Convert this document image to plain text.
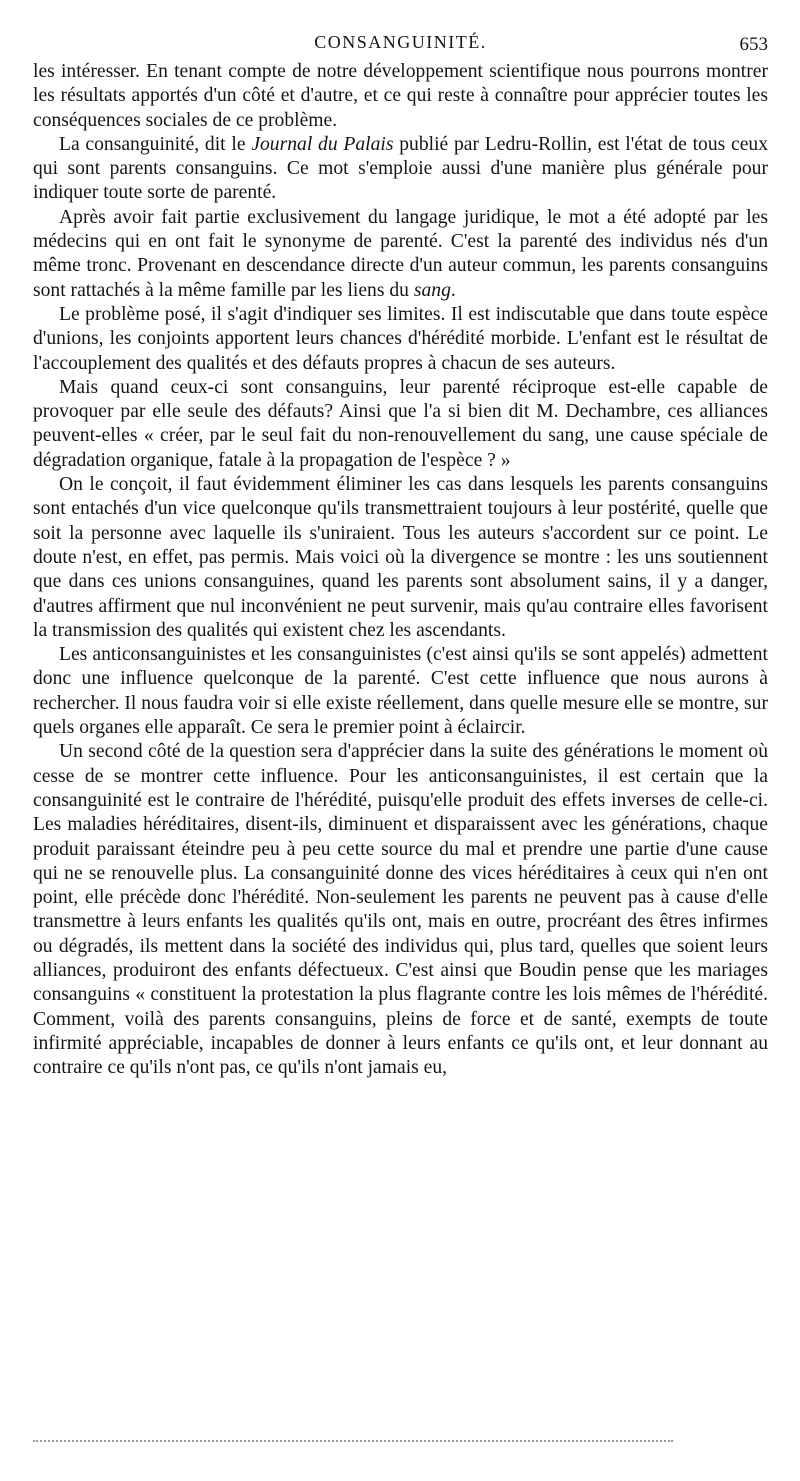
CONSANGUINITÉ.	653

les intéresser. En tenant compte de notre développement scientifique nous pourrons montrer les résultats apportés d'un côté et d'autre, et ce qui reste à connaître pour apprécier toutes les conséquences sociales de ce problème.

La consanguinité, dit le Journal du Palais publié par Ledru-Rollin, est l'état de tous ceux qui sont parents consanguins. Ce mot s'emploie aussi d'une manière plus générale pour indiquer toute sorte de parenté.

Après avoir fait partie exclusivement du langage juridique, le mot a été adopté par les médecins qui en ont fait le synonyme de parenté. C'est la parenté des individus nés d'un même tronc. Provenant en descendance directe d'un auteur commun, les parents consanguins sont rattachés à la même famille par les liens du sang.

Le problème posé, il s'agit d'indiquer ses limites. Il est indiscutable que dans toute espèce d'unions, les conjoints apportent leurs chances d'hérédité morbide. L'enfant est le résultat de l'accouplement des qualités et des défauts propres à chacun de ses auteurs.

Mais quand ceux-ci sont consanguins, leur parenté réciproque est-elle capable de provoquer par elle seule des défauts? Ainsi que l'a si bien dit M. Dechambre, ces alliances peuvent-elles « créer, par le seul fait du non-renouvellement du sang, une cause spéciale de dégradation organique, fatale à la propagation de l'espèce ? »

On le conçoit, il faut évidemment éliminer les cas dans lesquels les parents consanguins sont entachés d'un vice quelconque qu'ils transmettraient toujours à leur postérité, quelle que soit la personne avec laquelle ils s'uniraient. Tous les auteurs s'accordent sur ce point. Le doute n'est, en effet, pas permis. Mais voici où la divergence se montre : les uns soutiennent que dans ces unions consanguines, quand les parents sont absolument sains, il y a danger, d'autres affirment que nul inconvénient ne peut survenir, mais qu'au contraire elles favorisent la transmission des qualités qui existent chez les ascendants.

Les anticonsanguinistes et les consanguinistes (c'est ainsi qu'ils se sont appelés) admettent donc une influence quelconque de la parenté. C'est cette influence que nous aurons à rechercher. Il nous faudra voir si elle existe réellement, dans quelle mesure elle se montre, sur quels organes elle apparaît. Ce sera le premier point à éclaircir.

Un second côté de la question sera d'apprécier dans la suite des générations le moment où cesse de se montrer cette influence. Pour les anticonsanguinistes, il est certain que la consanguinité est le contraire de l'hérédité, puisqu'elle produit des effets inverses de celle-ci. Les maladies héréditaires, disent-ils, diminuent et disparaissent avec les générations, chaque produit paraissant éteindre peu à peu cette source du mal et prendre une partie d'une cause qui ne se renouvelle plus. La consanguinité donne des vices héréditaires à ceux qui n'en ont point, elle précède donc l'hérédité. Non-seulement les parents ne peuvent pas à cause d'elle transmettre à leurs enfants les qualités qu'ils ont, mais en outre, procréant des êtres infirmes ou dégradés, ils mettent dans la société des individus qui, plus tard, quelles que soient leurs alliances, produiront des enfants défectueux. C'est ainsi que Boudin pense que les mariages consanguins « constituent la protestation la plus flagrante contre les lois mêmes de l'hérédité. Comment, voilà des parents consanguins, pleins de force et de santé, exempts de toute infirmité appréciable, incapables de donner à leurs enfants ce qu'ils ont, et leur donnant au contraire ce qu'ils n'ont pas, ce qu'ils n'ont jamais eu,
